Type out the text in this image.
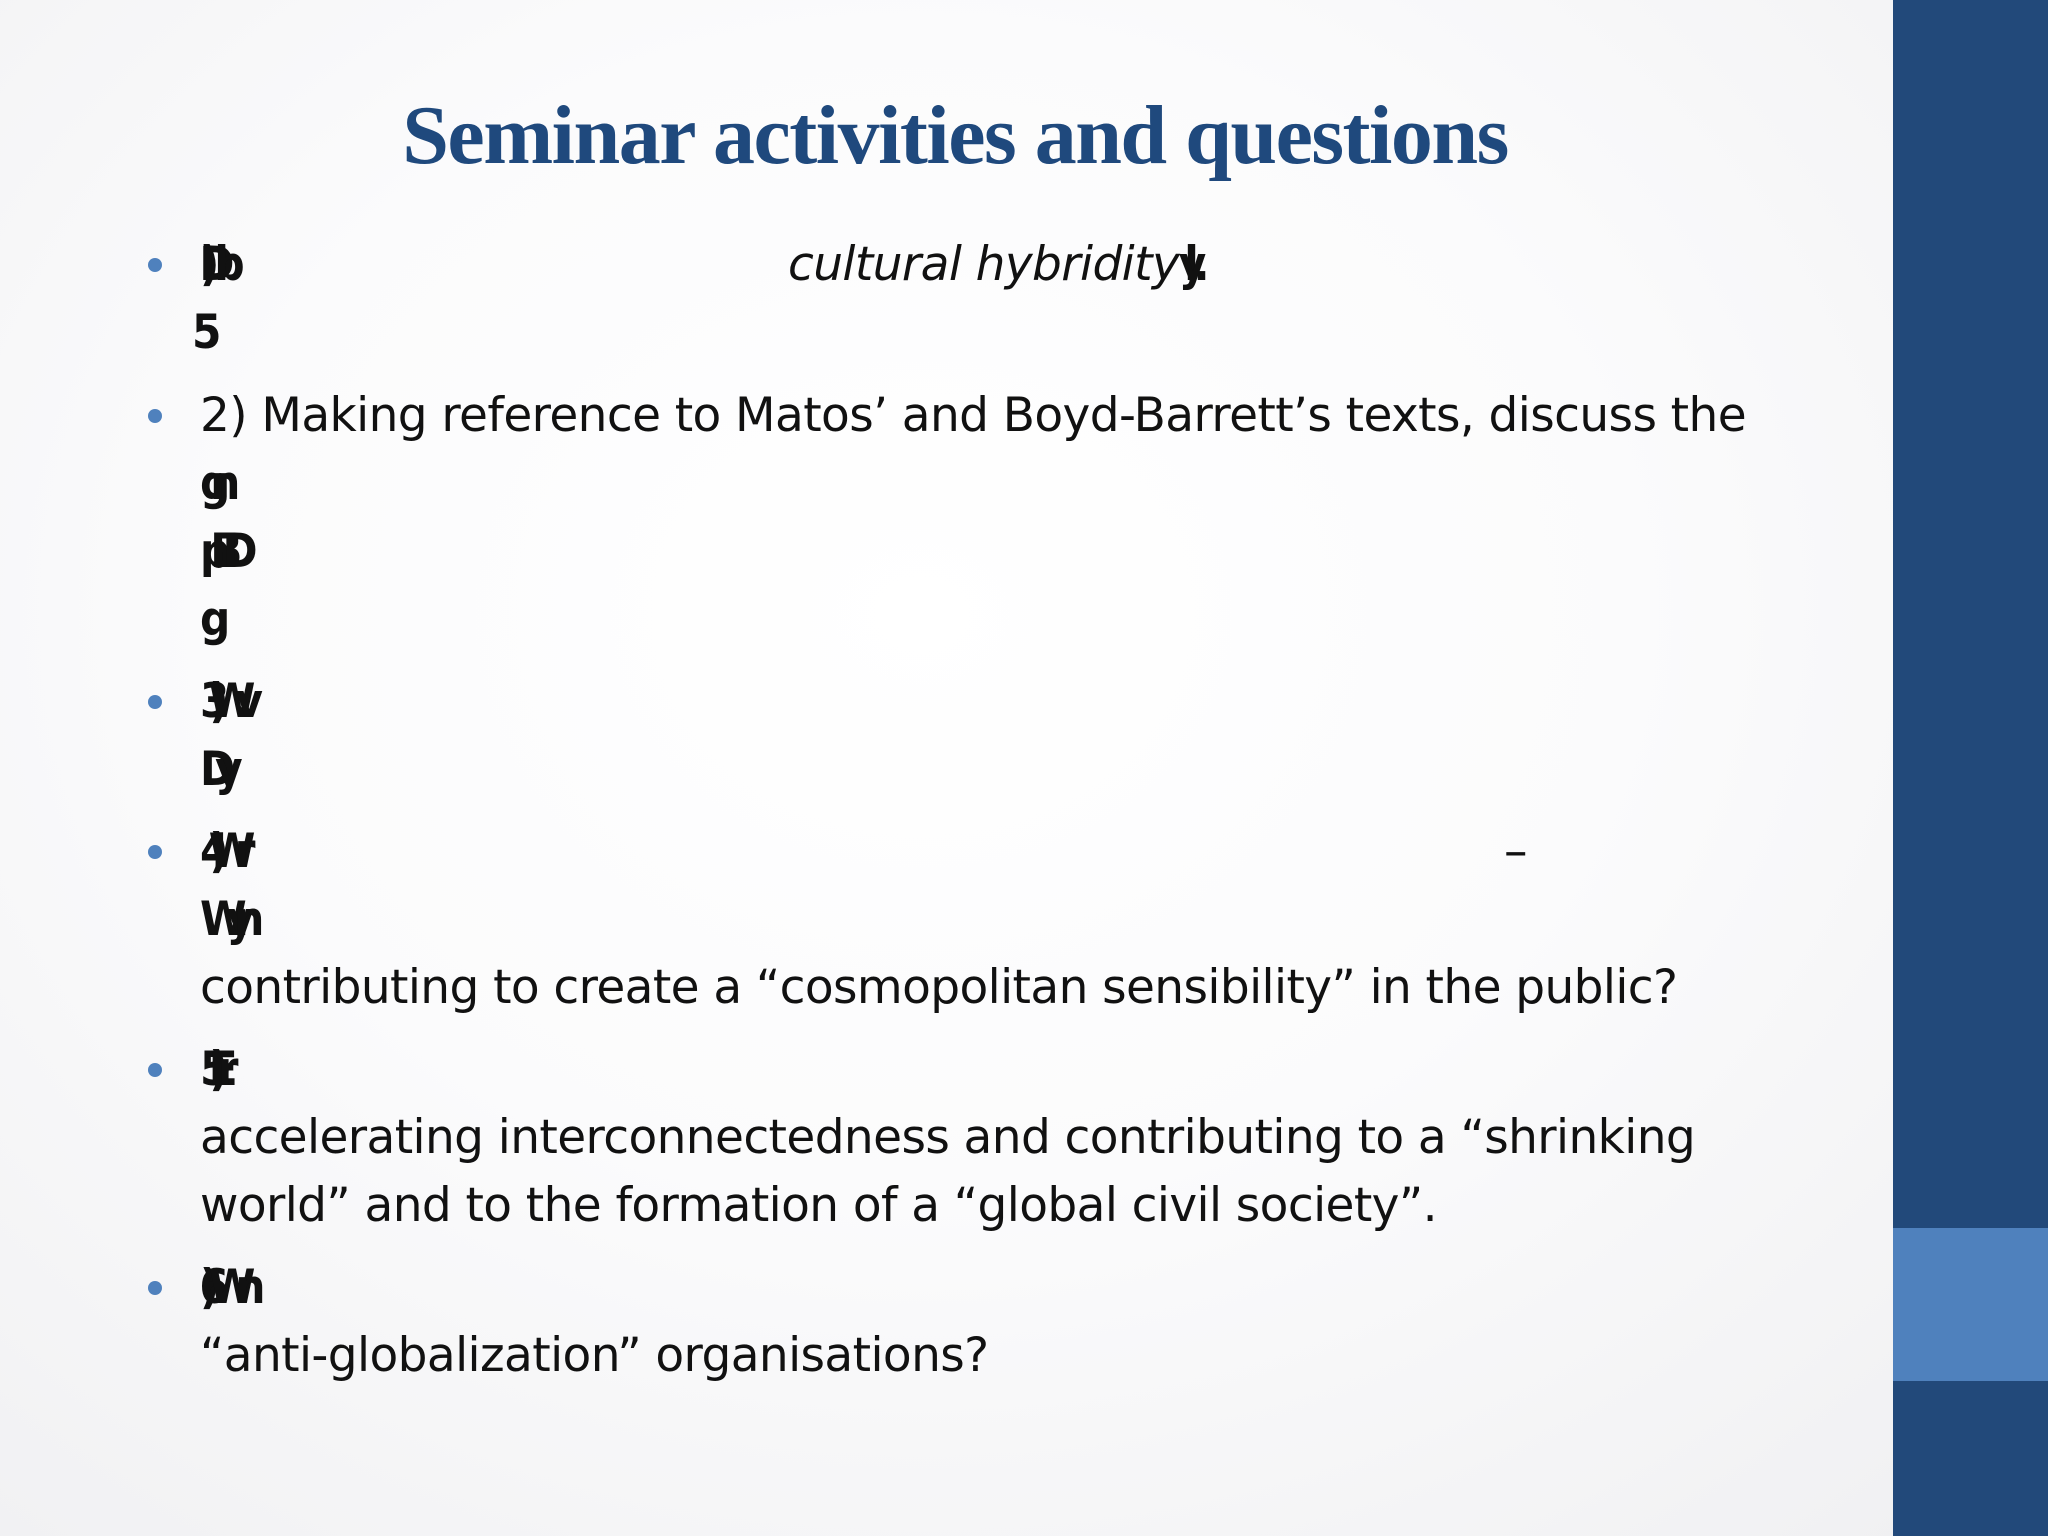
Seminar activities and questions
)Db	cultural hybridity
5
2) Making reference to Matos’ and Boyd-Barrett’s texts, discuss the
gn
pBD
g
3)Wv
Dy
4)Wr	–
Wyn
contributing to create a “cosmopolitan sensibility” in the public?
5)Er
accelerating interconnectedness and contributing to a “shrinking
world” and to the formation of a “global civil society”.
)6Wn
“anti-globalization” organisations?
